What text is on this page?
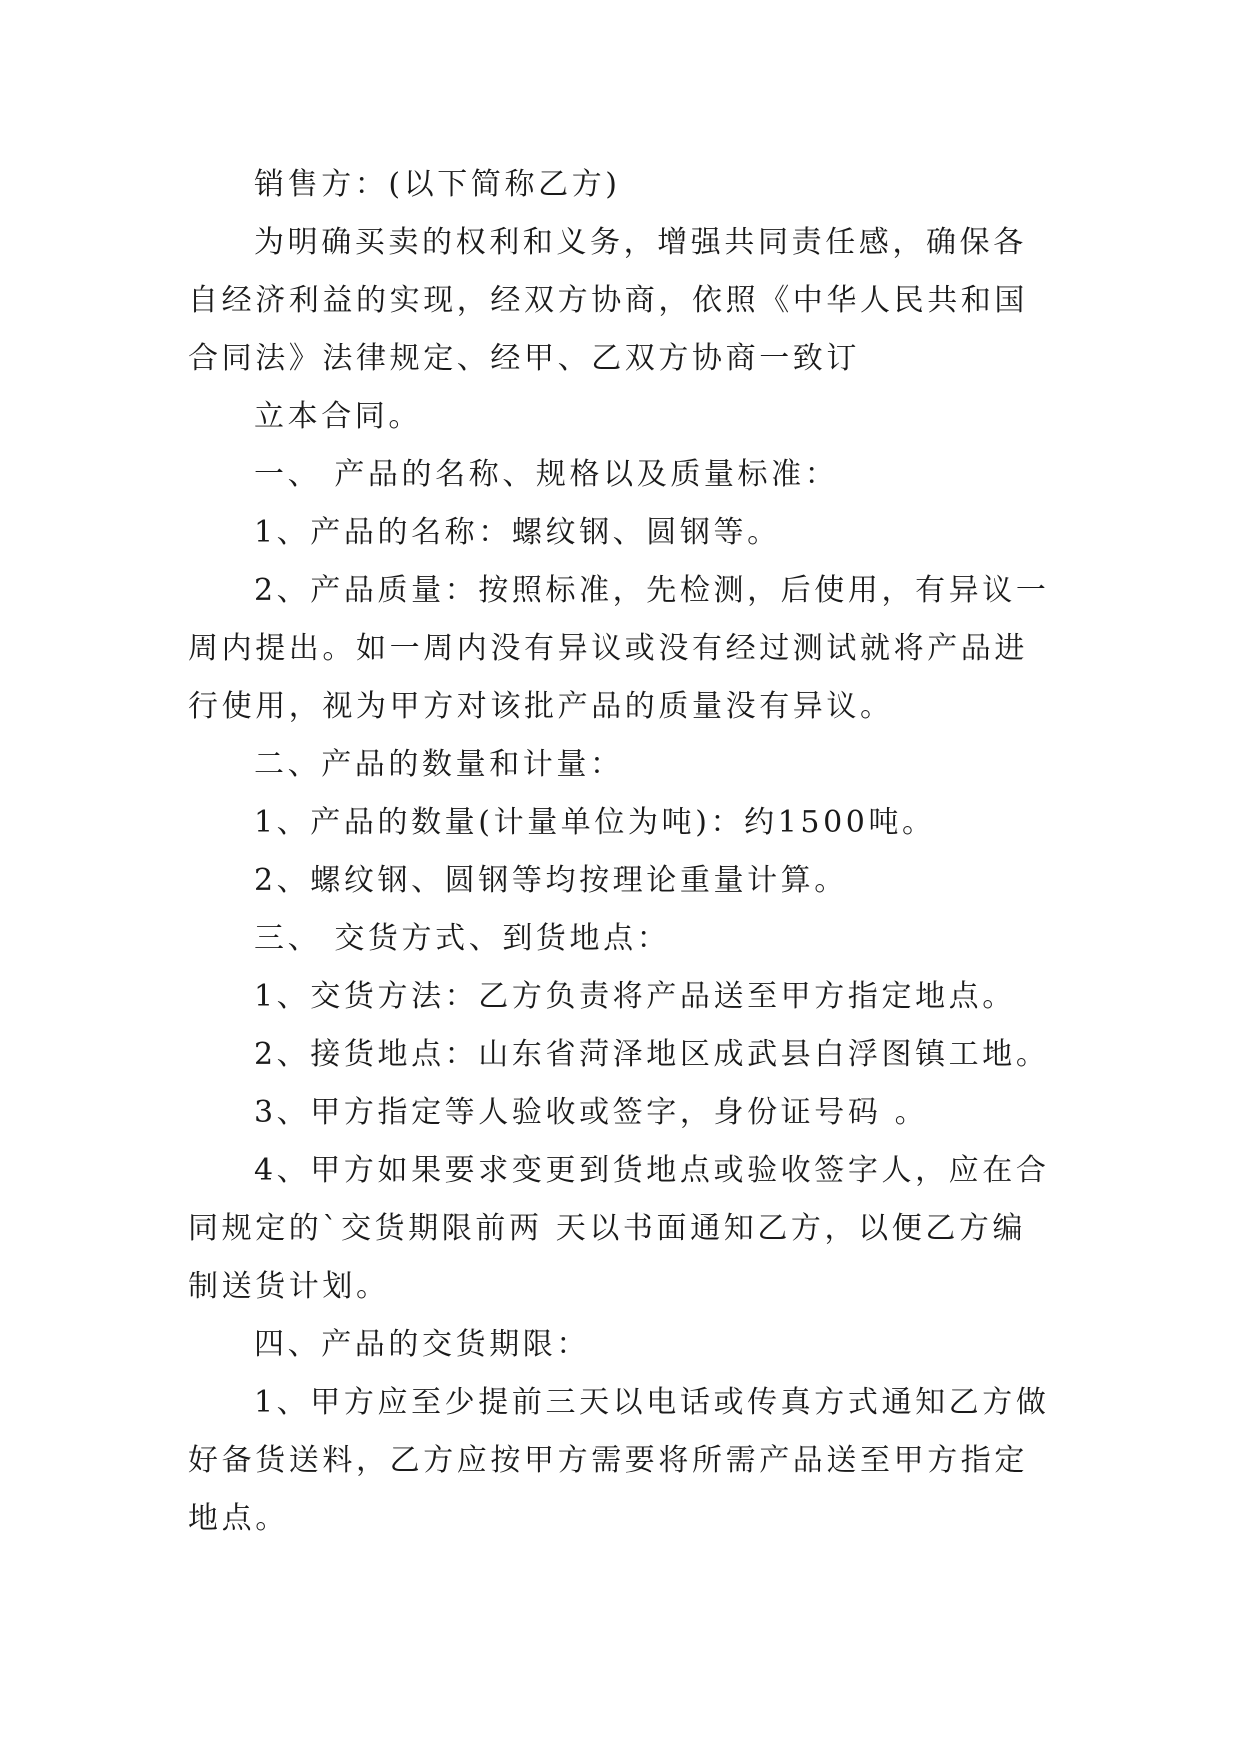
销售方：(以下简称乙方)

为明确买卖的权利和义务，增强共同责任感，确保各自经济利益的实现，经双方协商，依照《中华人民共和国合同法》法律规定、经甲、乙双方协商一致订

立本合同。

一、 产品的名称、规格以及质量标准：

1、产品的名称：螺纹钢、圆钢等。

2、产品质量：按照标准，先检测，后使用，有异议一周内提出。如一周内没有异议或没有经过测试就将产品进行使用，视为甲方对该批产品的质量没有异议。

二、产品的数量和计量：

1、产品的数量(计量单位为吨)：约1500吨。

2、螺纹钢、圆钢等均按理论重量计算。

三、 交货方式、到货地点：

1、交货方法：乙方负责将产品送至甲方指定地点。

2、接货地点：山东省菏泽地区成武县白浮图镇工地。

3、甲方指定等人验收或签字，身份证号码 。

4、甲方如果要求变更到货地点或验收签字人，应在合同规定的`交货期限前两 天以书面通知乙方，以便乙方编制送货计划。

四、产品的交货期限：

1、甲方应至少提前三天以电话或传真方式通知乙方做好备货送料，乙方应按甲方需要将所需产品送至甲方指定地点。
